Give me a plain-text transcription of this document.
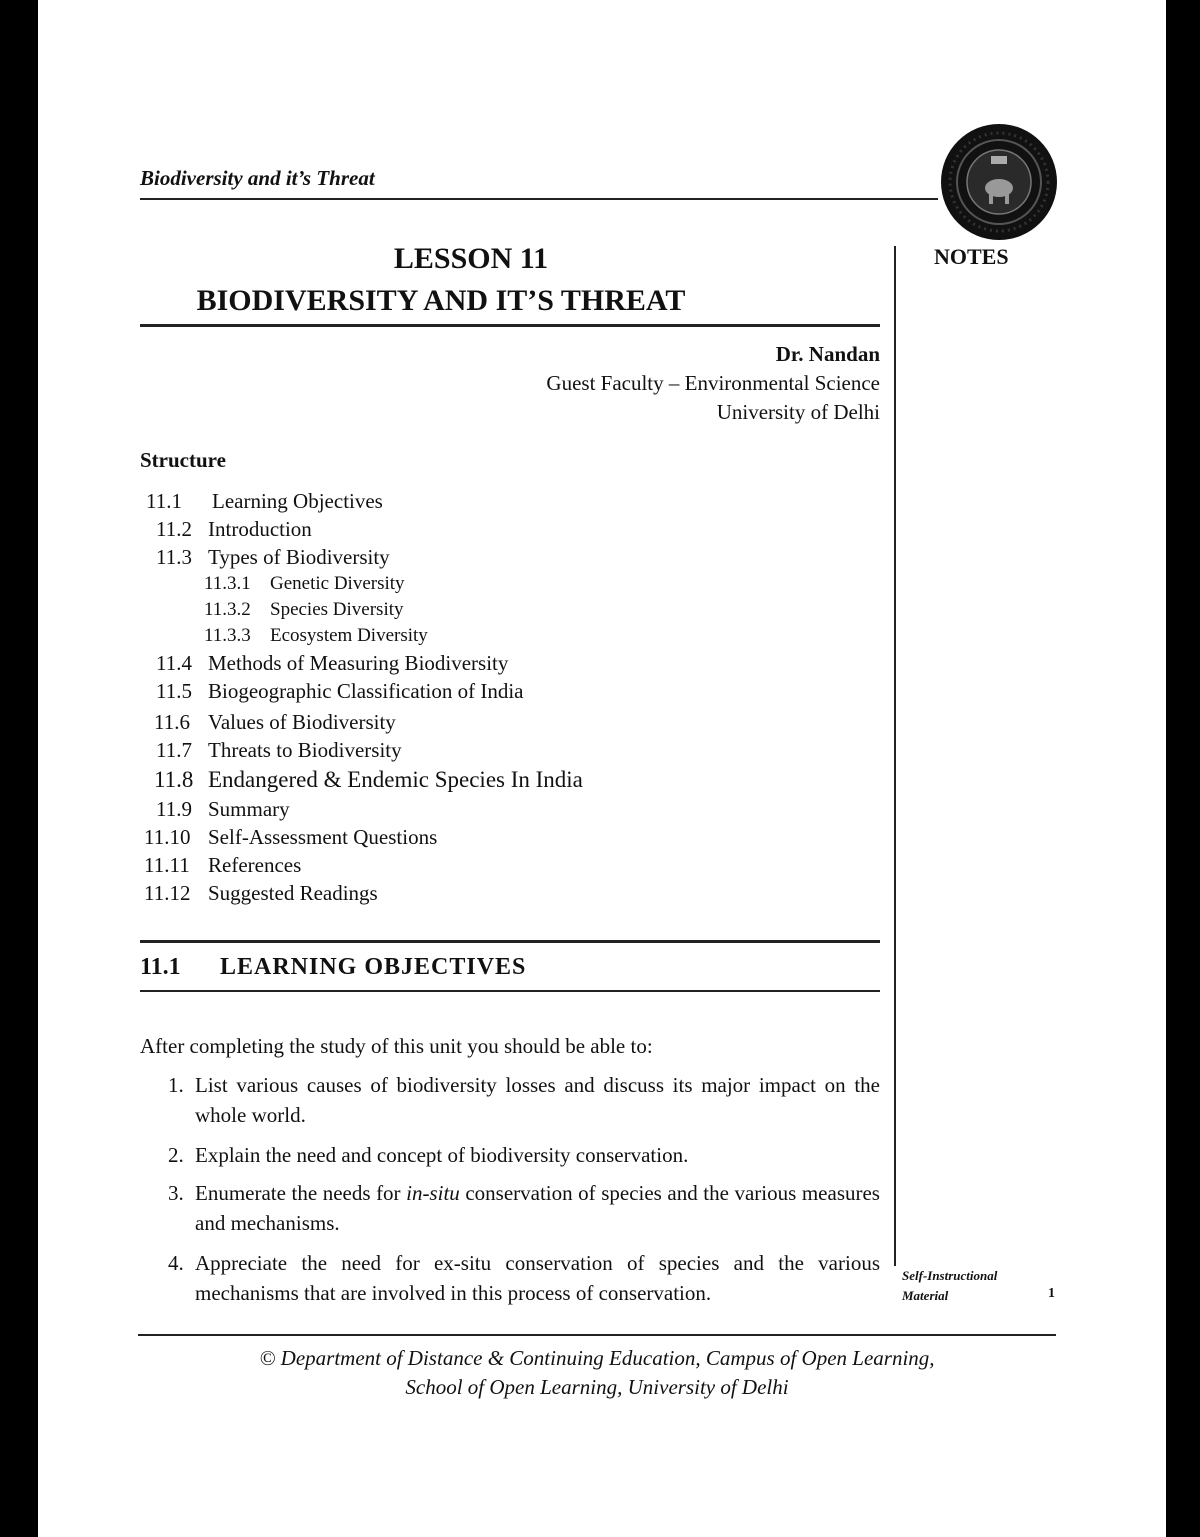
Biodiversity and it’s Threat
NOTES
LESSON 11
BIODIVERSITY AND IT’S THREAT
Dr. Nandan
Guest Faculty – Environmental Science
University of Delhi
Structure
11.1 Learning Objectives
11.2 Introduction
11.3 Types of Biodiversity
11.3.1 Genetic Diversity
11.3.2 Species Diversity
11.3.3 Ecosystem Diversity
11.4 Methods of Measuring Biodiversity
11.5 Biogeographic Classification of India
11.6 Values of Biodiversity
11.7 Threats to Biodiversity
11.8 Endangered & Endemic Species In India
11.9 Summary
11.10 Self-Assessment Questions
11.11 References
11.12 Suggested Readings
11.1 LEARNING OBJECTIVES
After completing the study of this unit you should be able to:
1. List various causes of biodiversity losses and discuss its major impact on the whole world.
2. Explain the need and concept of biodiversity conservation.
3. Enumerate the needs for in-situ conservation of species and the various measures and mechanisms.
4. Appreciate the need for ex-situ conservation of species and the various mechanisms that are involved in this process of conservation.
Self-Instructional
Material	1
© Department of Distance & Continuing Education, Campus of Open Learning,
School of Open Learning, University of Delhi
